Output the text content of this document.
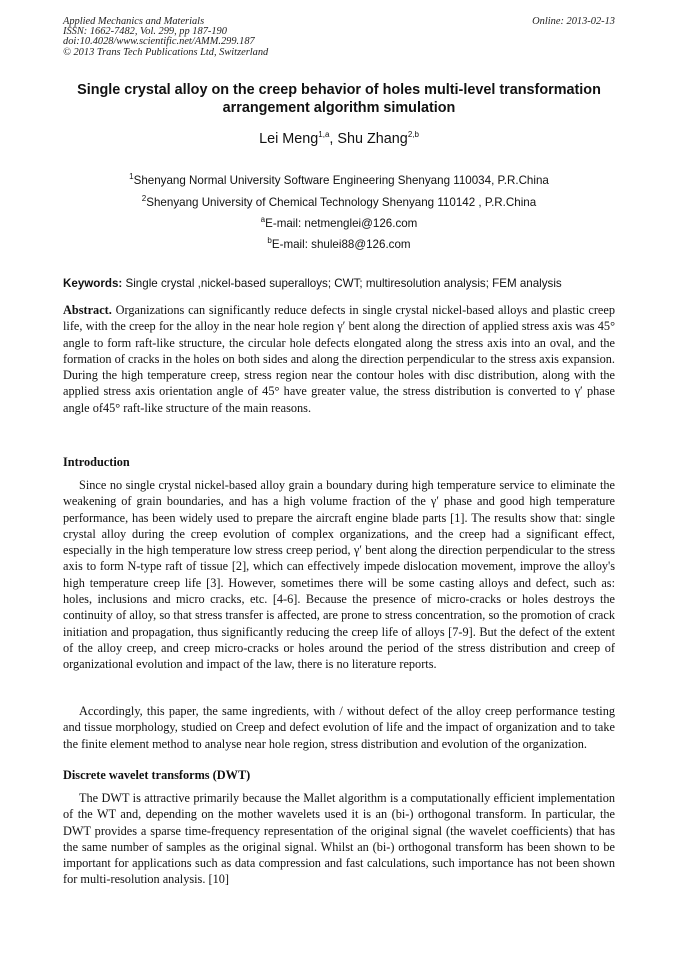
Applied Mechanics and Materials
ISSN: 1662-7482, Vol. 299, pp 187-190
doi:10.4028/www.scientific.net/AMM.299.187
© 2013 Trans Tech Publications Ltd, Switzerland
Online: 2013-02-13
Single crystal alloy on the creep behavior of holes multi-level transformation arrangement algorithm simulation
Lei Meng$^{1,a}$, Shu Zhang$^{2,b}$
$^1$Shenyang Normal University Software Engineering Shenyang 110034, P.R.China
$^2$Shenyang University of Chemical Technology Shenyang 110142 , P.R.China
$^a$E-mail: netmenglei@126.com
$^b$E-mail: shulei88@126.com
Keywords: Single crystal ,nickel-based superalloys; CWT; multiresolution analysis; FEM analysis
Abstract. Organizations can significantly reduce defects in single crystal nickel-based alloys and plastic creep life, with the creep for the alloy in the near hole region γ′ bent along the direction of applied stress axis was 45° angle to form raft-like structure, the circular hole defects elongated along the stress axis into an oval, and the formation of cracks in the holes on both sides and along the direction perpendicular to the stress axis expansion. During the high temperature creep, stress region near the contour holes with disc distribution, along with the applied stress axis orientation angle of 45° have greater value, the stress distribution is converted to γ′ phase angle of45° raft-like structure of the main reasons.
Introduction
Since no single crystal nickel-based alloy grain a boundary during high temperature service to eliminate the weakening of grain boundaries, and has a high volume fraction of the γ′ phase and good high temperature performance, has been widely used to prepare the aircraft engine blade parts [1]. The results show that: single crystal alloy during the creep evolution of complex organizations, and the creep had a significant effect, especially in the high temperature low stress creep period, γ′ bent along the direction perpendicular to the stress axis to form N-type raft of tissue [2], which can effectively impede dislocation movement, improve the alloy's high temperature creep life [3]. However, sometimes there will be some casting alloys and defect, such as: holes, inclusions and micro cracks, etc. [4-6]. Because the presence of micro-cracks or holes destroys the continuity of alloy, so that stress transfer is affected, are prone to stress concentration, so the promotion of crack initiation and propagation, thus significantly reducing the creep life of alloys [7-9]. But the defect of the extent of the alloy creep, and creep micro-cracks or holes around the period of the stress distribution and creep of organizational evolution and impact of the law, there is no literature reports.
Accordingly, this paper, the same ingredients, with / without defect of the alloy creep performance testing and tissue morphology, studied on Creep and defect evolution of life and the impact of organization and to take the finite element method to analyse near hole region, stress distribution and evolution of the organization.
Discrete wavelet transforms (DWT)
The DWT is attractive primarily because the Mallet algorithm is a computationally efficient implementation of the WT and, depending on the mother wavelets used it is an (bi-) orthogonal transform. In particular, the DWT provides a sparse time-frequency representation of the original signal (the wavelet coefficients) that has the same number of samples as the original signal. Whilst an (bi-) orthogonal transform has been shown to be important for applications such as data compression and fast calculations, such importance has not been shown for multi-resolution analysis. [10]
